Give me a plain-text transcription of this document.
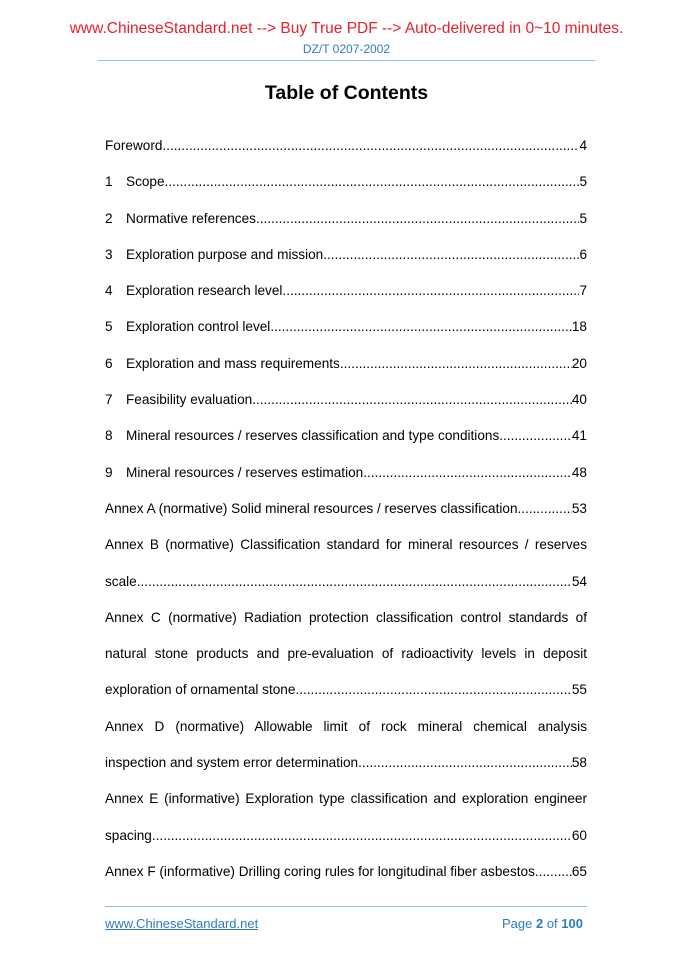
www.ChineseStandard.net --> Buy True PDF --> Auto-delivered in 0~10 minutes.
DZ/T 0207-2002
Table of Contents
Foreword .....	4
1 Scope .....	5
2 Normative references .....	5
3 Exploration purpose and mission .....	6
4 Exploration research level .....	7
5 Exploration control level .....	18
6 Exploration and mass requirements .....	20
7 Feasibility evaluation .....	40
8 Mineral resources / reserves classification and type conditions .....	41
9 Mineral resources / reserves estimation .....	48
Annex A (normative) Solid mineral resources / reserves classification .....	53
Annex B (normative) Classification standard for mineral resources / reserves
scale .....	54
Annex C (normative) Radiation protection classification control standards of
natural stone products and pre-evaluation of radioactivity levels in deposit
exploration of ornamental stone .....	55
Annex D (normative) Allowable limit of rock mineral chemical analysis
inspection and system error determination .....	58
Annex E (informative) Exploration type classification and exploration engineer
spacing .....	60
Annex F (informative) Drilling coring rules for longitudinal fiber asbestos .....	65
www.ChineseStandard.net	Page 2 of 100
